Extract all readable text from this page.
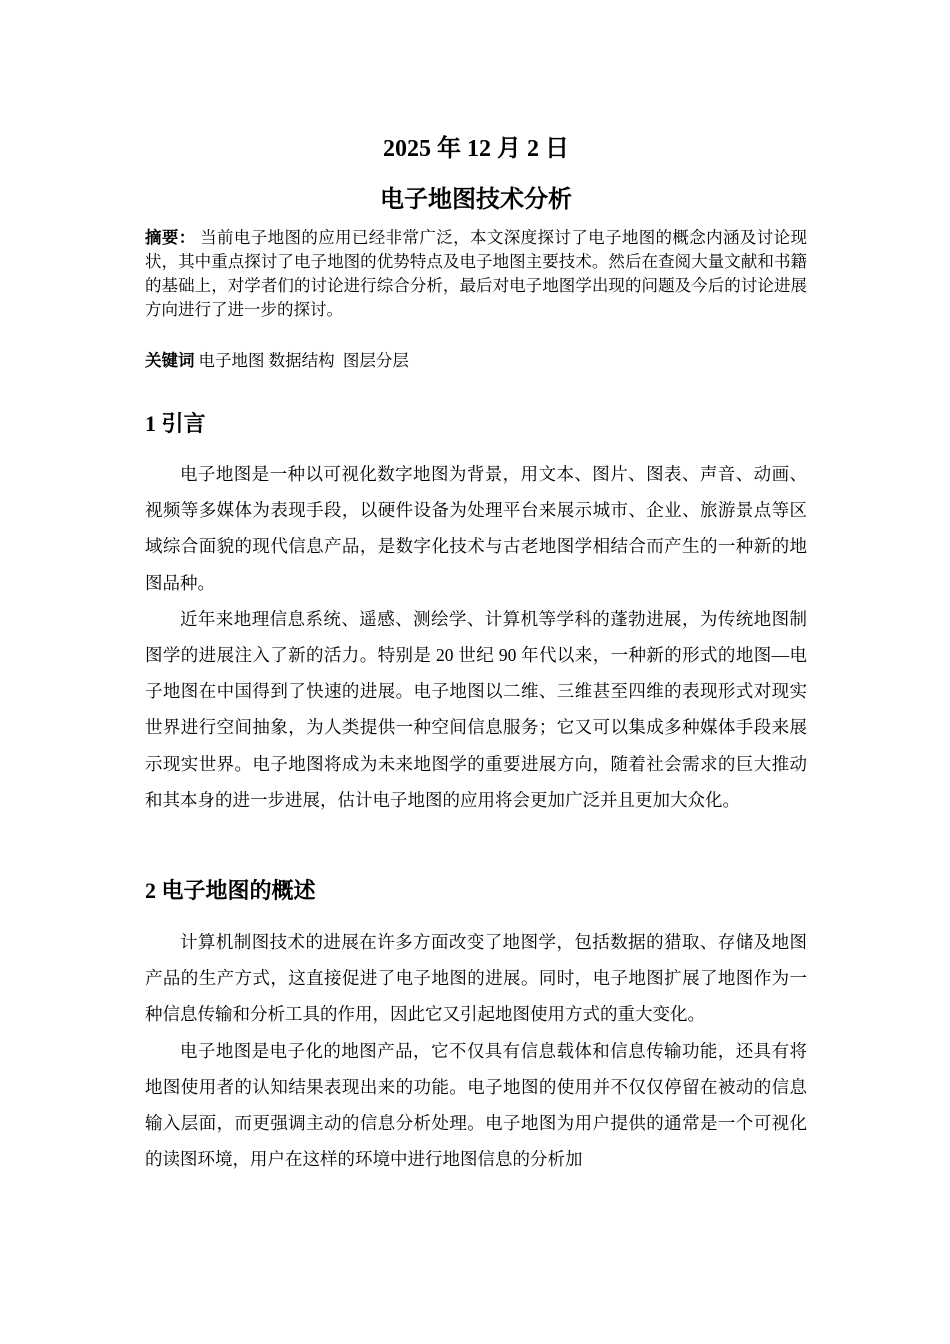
2025 年 12 月 2 日
电子地图技术分析
摘要： 当前电子地图的应用已经非常广泛，本文深度探讨了电子地图的概念内涵及讨论现状，其中重点探讨了电子地图的优势特点及电子地图主要技术。然后在查阅大量文献和书籍的基础上，对学者们的讨论进行综合分析，最后对电子地图学出现的问题及今后的讨论进展方向进行了进一步的探讨。
关键词 电子地图 数据结构 图层分层
1 引言

电子地图是一种以可视化数字地图为背景，用文本、图片、图表、声音、动画、视频等多媒体为表现手段，以硬件设备为处理平台来展示城市、企业、旅游景点等区域综合面貌的现代信息产品，是数字化技术与古老地图学相结合而产生的一种新的地图品种。

近年来地理信息系统、遥感、测绘学、计算机等学科的蓬勃进展，为传统地图制图学的进展注入了新的活力。特别是 20 世纪 90 年代以来，一种新的形式的地图—电子地图在中国得到了快速的进展。电子地图以二维、三维甚至四维的表现形式对现实世界进行空间抽象，为人类提供一种空间信息服务；它又可以集成多种媒体手段来展示现实世界。电子地图将成为未来地图学的重要进展方向，随着社会需求的巨大推动和其本身的进一步进展，估计电子地图的应用将会更加广泛并且更加大众化。

2 电子地图的概述

计算机制图技术的进展在许多方面改变了地图学，包括数据的猎取、存储及地图产品的生产方式，这直接促进了电子地图的进展。同时，电子地图扩展了地图作为一种信息传输和分析工具的作用，因此它又引起地图使用方式的重大变化。

电子地图是电子化的地图产品，它不仅具有信息载体和信息传输功能，还具有将地图使用者的认知结果表现出来的功能。电子地图的使用并不仅仅停留在被动的信息输入层面，而更强调主动的信息分析处理。电子地图为用户提供的通常是一个可视化的读图环境，用户在这样的环境中进行地图信息的分析加
